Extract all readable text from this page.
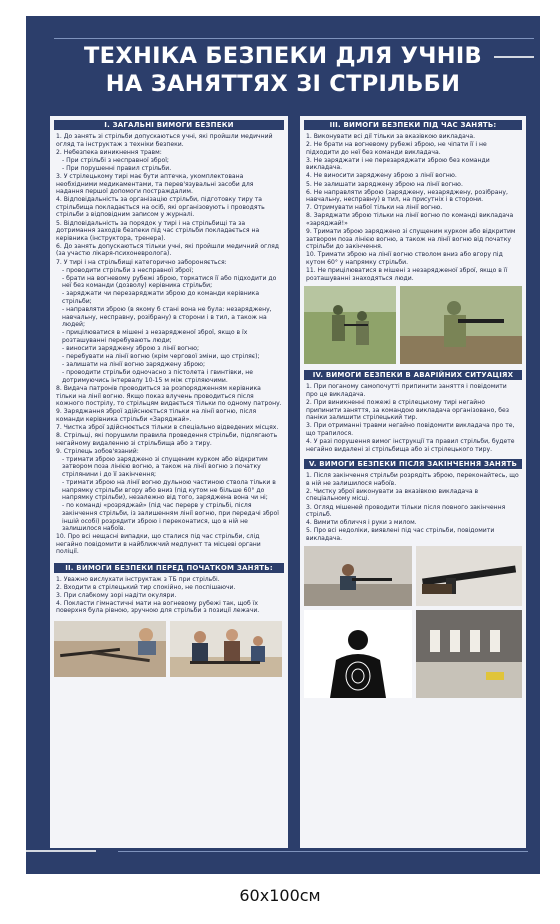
ТЕХНІКА БЕЗПЕКИ ДЛЯ УЧНІВ
НА ЗАНЯТТЯХ ЗІ СТРІЛЬБИ
I. ЗАГАЛЬНІ ВИМОГИ БЕЗПЕКИ

1. До занять зі стрільби допускаються учні, які пройшли медичний огляд та інструктаж з техніки безпеки.

2. Небезпека виникнення травм:

- При стрільбі з несправної зброї;

- При порушенні правил стрільби.

3. У стрілецькому тирі має бути аптечка, укомплектована необхідними медикаментами, та перев'язувальні засоби для надання першої допомоги постраждалим.

4. Відповідальність за організацію стрільби, підготовку тиру та стрільбища покладається на осіб, які організовують і проводять стрільби з відповідним записом у журналі.

5. Відповідальність за порядок у тирі і на стрільбищі та за дотримання заходів безпеки під час стрільби покладається на керівника (інструктора, тренера).

6. До занять допускаються тільки учні, які пройшли медичний огляд (за участю лікаря-психоневролога).

7. У тирі і на стрільбищі категорично забороняється:

- проводити стрільби з несправної зброї;

- брати на вогневому рубежі зброю, торкатися її або підходити до неї без команди (дозволу) керівника стрільби;

- заряджати чи перезаряджати зброю до команди керівника стрільби;

- направляти зброю (в якому б стані вона не була: незаряджену, навчальну, несправну, розібрану) в сторони і в тил, а також на людей;

- прицілюватися в мішені з незарядженої зброї, якщо в їх розташуванні перебувають люди;

- виносити заряджену зброю з лінії вогню;

- перебувати на лінії вогню (крім чергової зміни, що стріляє);

- залишати на лінії вогню заряджену зброю;

- проводити стрільби одночасно з пістолета і гвинтівки, не дотримуючись інтервалу 10-15 м між стріляючими.

8. Видача патронів проводиться за розпорядженням керівника тільки на лінії вогню. Якщо показ влучень проводиться після кожного пострілу, то стрільцям видається тільки по одному патрону.

9. Заряджання зброї здійснюється тільки на лінії вогню, після команди керівника стрільби «Заряджай».

7. Чистка зброї здійснюється тільки в спеціально відведених місцях.

8. Стрільці, які порушили правила проведення стрільби, підлягають негайному видаленню зі стрільбища або з тиру.

9. Стрілець зобов'язаний:

- тримати зброю заряджено зі спущеним курком або відкритим затвором поза лінією вогню, а також на лінії вогню з початку стрілянини і до її закінчення;

- тримати зброю на лінії вогню дульною частиною ствола тільки в напрямку стрільби вгору або вниз (під кутом не більше 60° до напрямку стрільби), незалежно від того, заряджена вона чи ні;

- по команді «розряджай» (під час перерв у стрільбі, після закінчення стрільби, із залишенням лінії вогню, при передачі зброї іншій особі) розрядити зброю і переконатися, що в ній не залишилося набоїв.

10. Про всі нещасні випадки, що сталися під час стрільби, слід негайно повідомити в найближчий медпункт та місцеві органи поліції.

II. ВИМОГИ БЕЗПЕКИ ПЕРЕД ПОЧАТКОМ ЗАНЯТЬ:

1. Уважно вислухати інструктаж з ТБ при стрільбі.

2. Входити в стрілецький тир спокійно, не поспішаючи.

3. При слабкому зорі надіти окуляри.

4. Покласти гімнастичні мати на вогневому рубежі так, щоб їх поверхня була рівною, зручною для стрільби з позиції лежачи.

III. ВИМОГИ БЕЗПЕКИ ПІД ЧАС ЗАНЯТЬ:

1. Виконувати всі дії тільки за вказівкою викладача.

2. Не брати на вогневому рубежі зброю, не чіпати її і не підходити до неї без команди викладача.

3. Не заряджати і не перезаряджати зброю без команди викладача.

4. Не виносити заряджену зброю з лінії вогню.

5. Не залишати заряджену зброю на лінії вогню.

6. Не направляти зброю (заряджену, незаряджену, розібрану, навчальну, несправну) в тил, на присутніх і в сторони.

7. Отримувати набої тільки на лінії вогню.

8. Заряджати зброю тільки на лінії вогню по команді викладача «заряджай!»

9. Тримати зброю заряджено зі спущеним курком або відкритим затвором поза лінією вогню, а також на лінії вогню від початку стрільби до закінчення.

10. Тримати зброю на лінії вогню стволом вниз або вгору під кутом 60° у напрямку стрільби.

11. Не прицілюватися в мішені з незарядженої зброї, якщо в її розташуванні знаходяться люди.

IV. ВИМОГИ БЕЗПЕКИ В АВАРІЙНИХ СИТУАЦІЯХ

1. При поганому самопочутті припинити заняття і повідомити про це викладача.

2. При виникненні пожежі в стрілецькому тирі негайно припинити заняття, за командою викладача організовано, без паніки залишити стрілецький тир.

3. При отриманні травми негайно повідомити викладача про те, що трапилося.

4. У разі порушення вимог інструкції та правил стрільби, будете негайно видалені зі стрільбища або зі стрілецького тиру.

V. ВИМОГИ БЕЗПЕКИ ПІСЛЯ ЗАКІНЧЕННЯ ЗАНЯТЬ

1. Після закінчення стрільби розрядіть зброю, переконайтесь, що в ній не залишилося набоїв.

2. Чистку зброї виконувати за вказівкою викладача в спеціальному місці.

3. Огляд мішеней проводити тільки після повного закінчення стрільб.

4. Вимити обличчя і руки з милом.

5. Про всі недоліки, виявлені під час стрільби, повідомити викладача.

60х100см
